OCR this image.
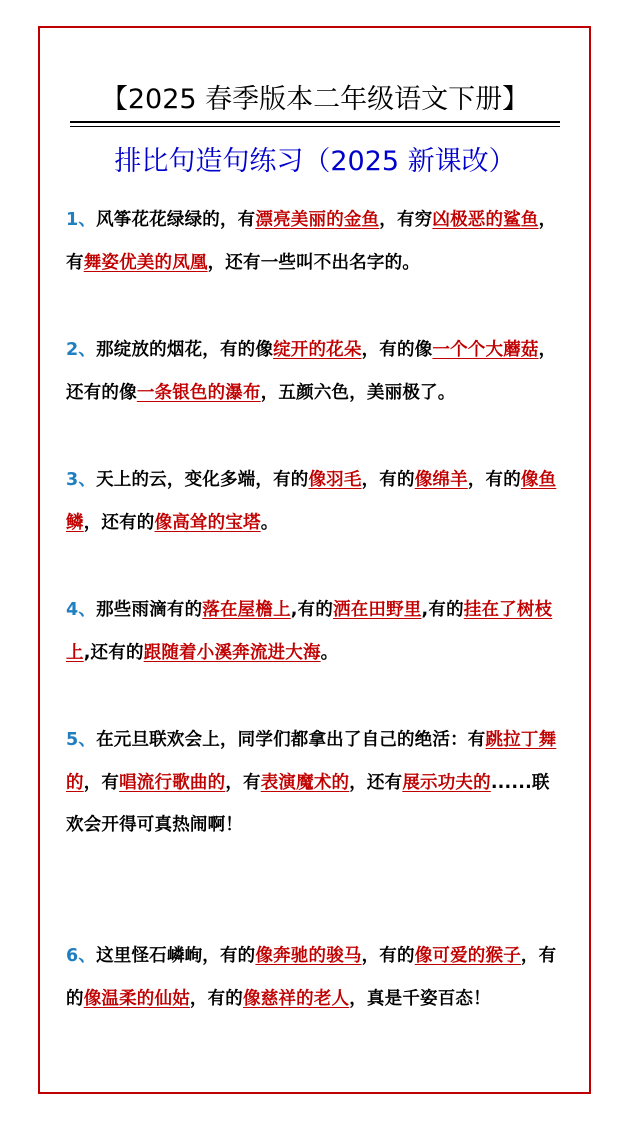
【2025 春季版本二年级语文下册】
排比句造句练习（2025 新课改）
1、风筝花花绿绿的，有漂亮美丽的金鱼，有穷凶极恶的鲨鱼，有舞姿优美的凤凰，还有一些叫不出名字的。
2、那绽放的烟花，有的像绽开的花朵，有的像一个个大蘑菇，还有的像一条银色的瀑布，五颜六色，美丽极了。
3、天上的云，变化多端，有的像羽毛，有的像绵羊，有的像鱼鳞，还有的像高耸的宝塔。
4、那些雨滴有的落在屋檐上,有的洒在田野里,有的挂在了树枝上,还有的跟随着小溪奔流进大海。
5、在元旦联欢会上，同学们都拿出了自己的绝活：有跳拉丁舞的，有唱流行歌曲的，有表演魔术的，还有展示功夫的......联欢会开得可真热闹啊！
6、这里怪石嶙峋，有的像奔驰的骏马，有的像可爱的猴子，有的像温柔的仙姑，有的像慈祥的老人，真是千姿百态！
